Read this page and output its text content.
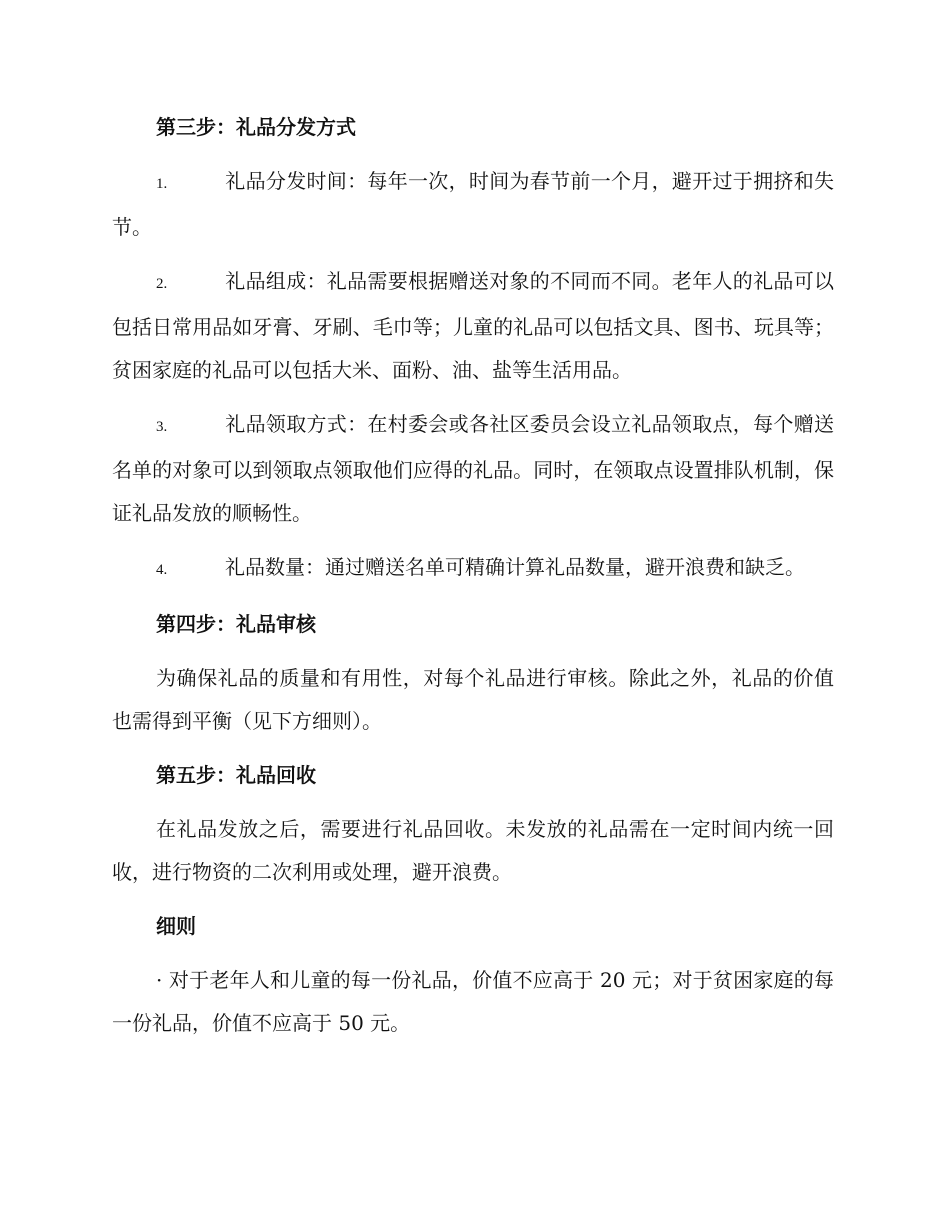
第三步：礼品分发方式

1.	礼品分发时间：每年一次，时间为春节前一个月，避开过于拥挤和失节。

2.	礼品组成：礼品需要根据赠送对象的不同而不同。老年人的礼品可以包括日常用品如牙膏、牙刷、毛巾等；儿童的礼品可以包括文具、图书、玩具等；贫困家庭的礼品可以包括大米、面粉、油、盐等生活用品。

3.	礼品领取方式：在村委会或各社区委员会设立礼品领取点，每个赠送名单的对象可以到领取点领取他们应得的礼品。同时，在领取点设置排队机制，保证礼品发放的顺畅性。

4.	礼品数量：通过赠送名单可精确计算礼品数量，避开浪费和缺乏。

第四步：礼品审核

为确保礼品的质量和有用性，对每个礼品进行审核。除此之外，礼品的价值也需得到平衡（见下方细则）。

第五步：礼品回收

在礼品发放之后，需要进行礼品回收。未发放的礼品需在一定时间内统一回收，进行物资的二次利用或处理，避开浪费。

细则

· 对于老年人和儿童的每一份礼品，价值不应高于 20 元；对于贫困家庭的每一份礼品，价值不应高于 50 元。
